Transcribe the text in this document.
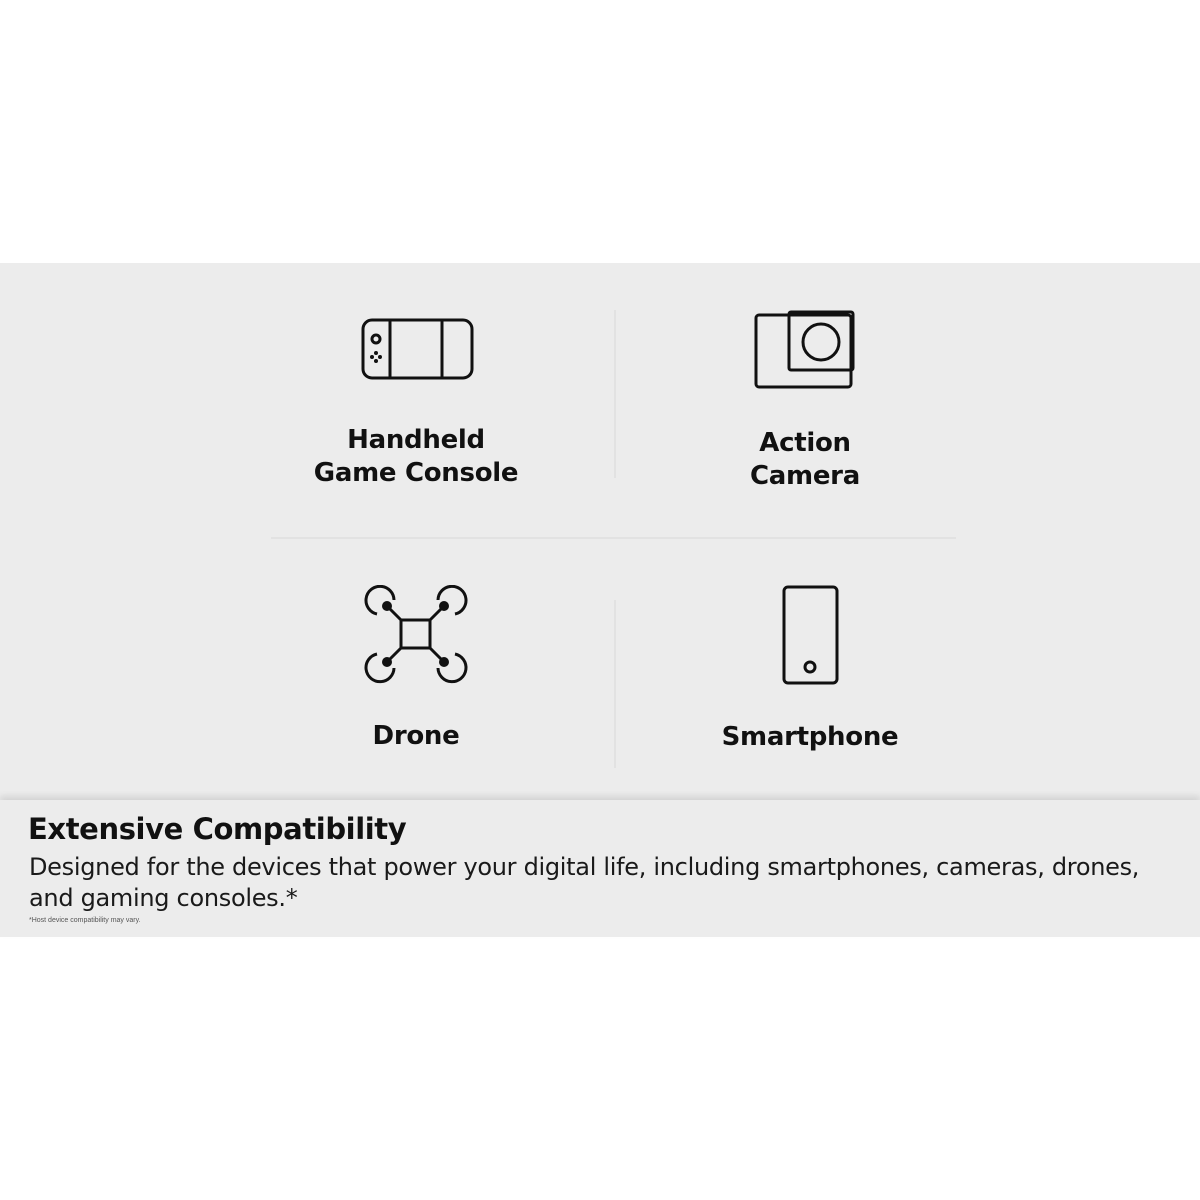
Handheld
Game Console
Action
Camera
Drone	Smartphone
Extensive Compatibility
Designed for the devices that power your digital life, including smartphones, cameras, drones, and gaming consoles.*
*Host device compatibility may vary.
